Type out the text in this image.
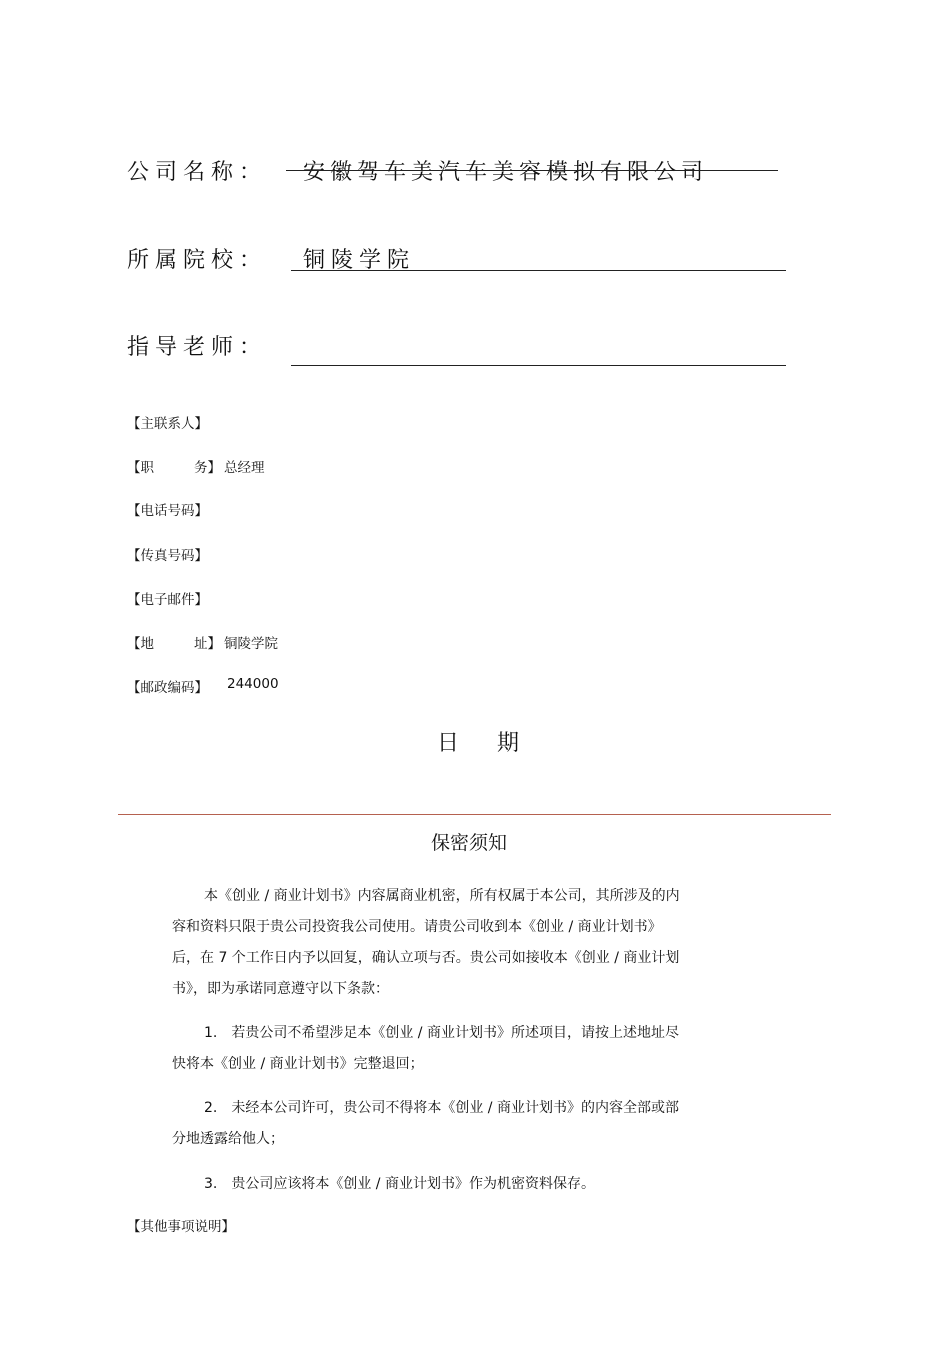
公司名称： 安徽驾车美汽车美容模拟有限公司
所属院校： 铜陵学院
指导老师：
【主联系人】
【职	务】 总经理
【电话号码】
【传真号码】
【电子邮件】
【地	址】 铜陵学院
【邮政编码】 244000
日　期
保密须知
本《创业 / 商业计划书》内容属商业机密，所有权属于本公司，其所涉及的内
容和资料只限于贵公司投资我公司使用。请贵公司收到本《创业 / 商业计划书》
后，在 7 个工作日内予以回复，确认立项与否。贵公司如接收本《创业 / 商业计划
书》，即为承诺同意遵守以下条款：
1.　若贵公司不希望涉足本《创业 / 商业计划书》所述项目，请按上述地址尽
快将本《创业 / 商业计划书》完整退回；
2.　未经本公司许可，贵公司不得将本《创业 / 商业计划书》的内容全部或部
分地透露给他人；
3.　贵公司应该将本《创业 / 商业计划书》作为机密资料保存。
【其他事项说明】
